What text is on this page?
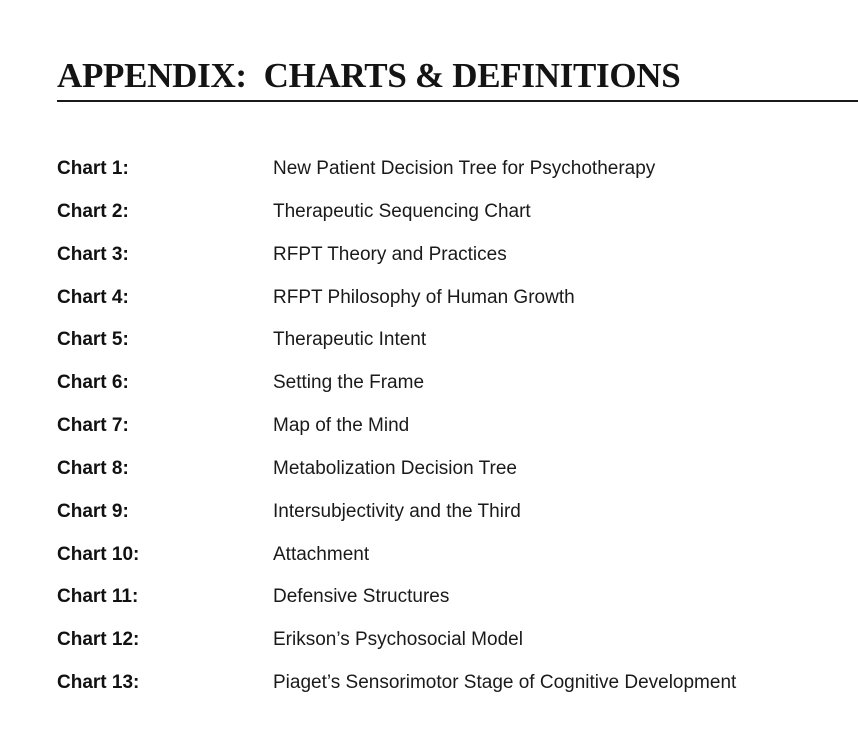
APPENDIX:  CHARTS & DEFINITIONS
Chart 1:	New Patient Decision Tree for Psychotherapy
Chart 2:	Therapeutic Sequencing Chart
Chart 3:	RFPT Theory and Practices
Chart 4:	RFPT Philosophy of Human Growth
Chart 5:	Therapeutic Intent
Chart 6:	Setting the Frame
Chart 7:	Map of the Mind
Chart 8:	Metabolization Decision Tree
Chart 9:	Intersubjectivity and the Third
Chart 10:	Attachment
Chart 11:	Defensive Structures
Chart 12:	Erikson’s Psychosocial Model
Chart 13:	Piaget’s Sensorimotor Stage of Cognitive Development
